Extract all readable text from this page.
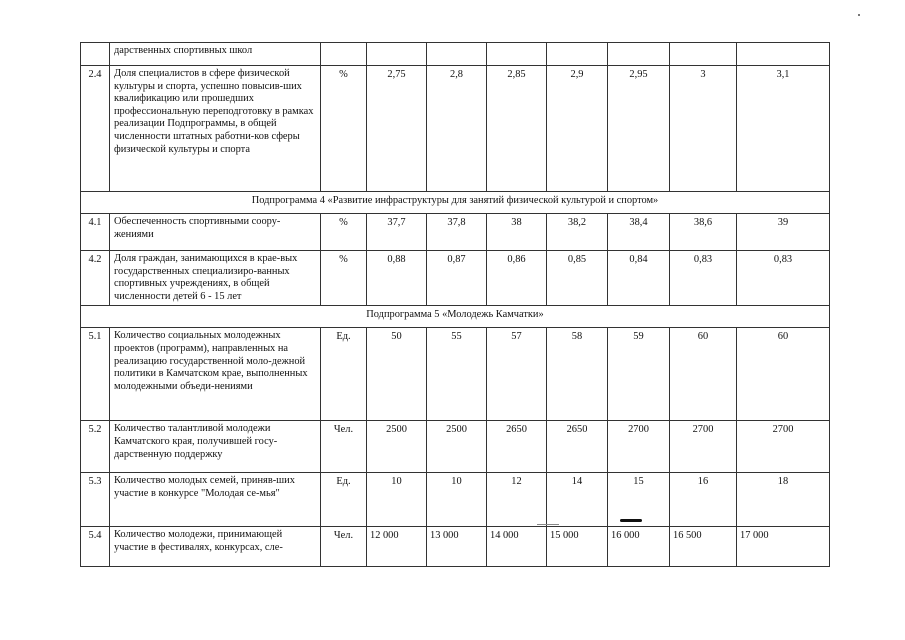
	дарственных спортивных школ								
2.4	Доля специалистов в сфере физической культуры и спорта, успешно повысив-ших квалификацию или прошедших профессиональную переподготовку в рамках реализации Подпрограммы, в общей численности штатных работни-ков сферы физической культуры и спорта	%	2,75	2,8	2,85	2,9	2,95	3	3,1
Подпрограмма 4 «Развитие инфраструктуры для занятий физической культурой и спортом»									
4.1	Обеспеченность спортивными соору-жениями	%	37,7	37,8	38	38,2	38,4	38,6	39
4.2	Доля граждан, занимающихся в крае-вых государственных специализиро-ванных спортивных учреждениях, в общей численности детей 6 - 15 лет	%	0,88	0,87	0,86	0,85	0,84	0,83	0,83
Подпрограмма 5 «Молодежь Камчатки»									
5.1	Количество социальных молодежных проектов (программ), направленных на реализацию государственной моло-дежной политики в Камчатском крае, выполненных молодежными объеди-нениями	Ед.	50	55	57	58	59	60	60
5.2	Количество талантливой молодежи Камчатского края, получившей госу-дарственную поддержку	Чел.	2500	2500	2650	2650	2700	2700	2700
5.3	Количество молодых семей, приняв-ших участие в конкурсе "Молодая се-мья"	Ед.	10	10	12	14	15	16	18
5.4	Количество молодежи, принимающей участие в фестивалях, конкурсах, сле-	Чел.	12 000	13 000	14 000	15 000	16 000	16 500	17 000
